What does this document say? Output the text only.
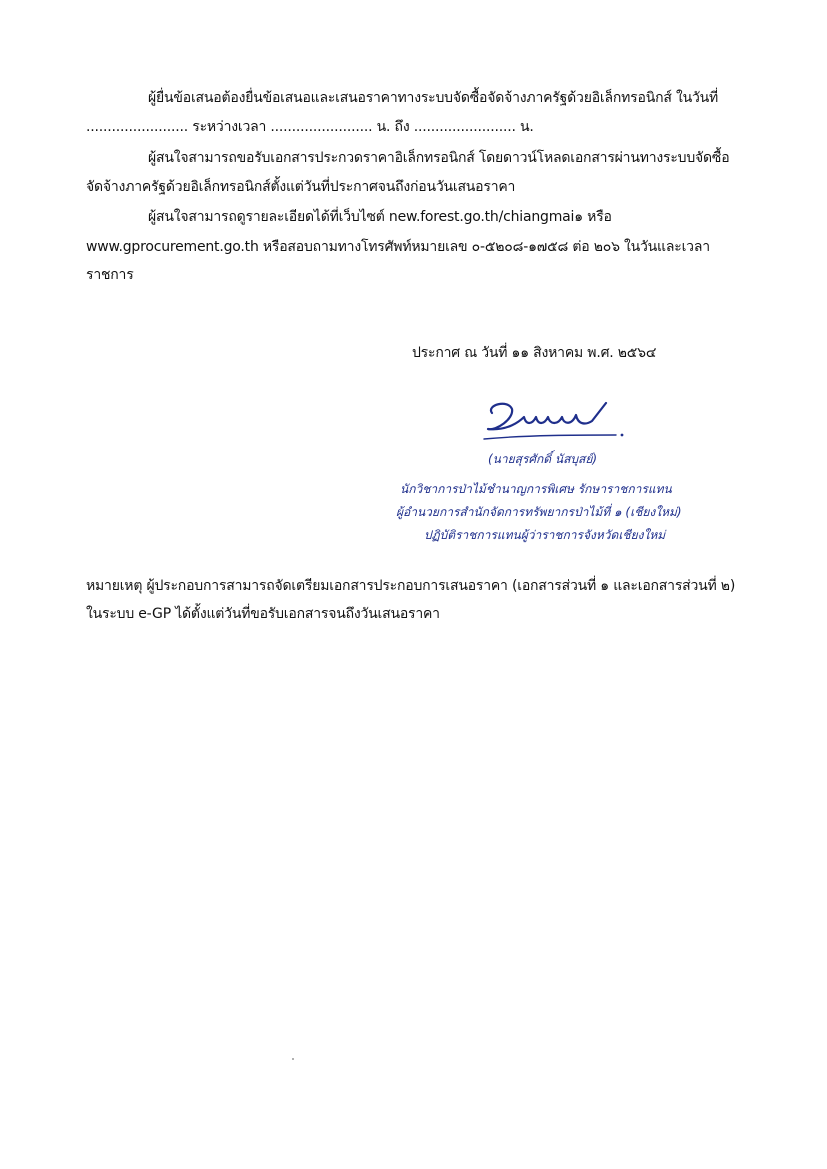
ผู้ยื่นข้อเสนอต้องยื่นข้อเสนอและเสนอราคาทางระบบจัดซื้อจัดจ้างภาครัฐด้วยอิเล็กทรอนิกส์ ในวันที่
........................ ระหว่างเวลา ........................ น. ถึง ........................ น.
ผู้สนใจสามารถขอรับเอกสารประกวดราคาอิเล็กทรอนิกส์ โดยดาวน์โหลดเอกสารผ่านทางระบบจัดซื้อ
จัดจ้างภาครัฐด้วยอิเล็กทรอนิกส์ตั้งแต่วันที่ประกาศจนถึงก่อนวันเสนอราคา
ผู้สนใจสามารถดูรายละเอียดได้ที่เว็บไซต์ new.forest.go.th/chiangmai๑ หรือ
www.gprocurement.go.th หรือสอบถามทางโทรศัพท์หมายเลข ๐-๕๒๐๘-๑๗๕๘ ต่อ ๒๐๖ ในวันและเวลา
ราชการ
ประกาศ ณ วันที่ ๑๑ สิงหาคม พ.ศ. ๒๕๖๔
(นายสุรศักดิ์ นัสบุสย์)
นักวิชาการป่าไม้ชำนาญการพิเศษ รักษาราชการแทน
ผู้อำนวยการสำนักจัดการทรัพยากรป่าไม้ที่ ๑ (เชียงใหม่)
ปฏิบัติราชการแทนผู้ว่าราชการจังหวัดเชียงใหม่
หมายเหตุ ผู้ประกอบการสามารถจัดเตรียมเอกสารประกอบการเสนอราคา (เอกสารส่วนที่ ๑ และเอกสารส่วนที่ ๒)
ในระบบ e-GP ได้ตั้งแต่วันที่ขอรับเอกสารจนถึงวันเสนอราคา
